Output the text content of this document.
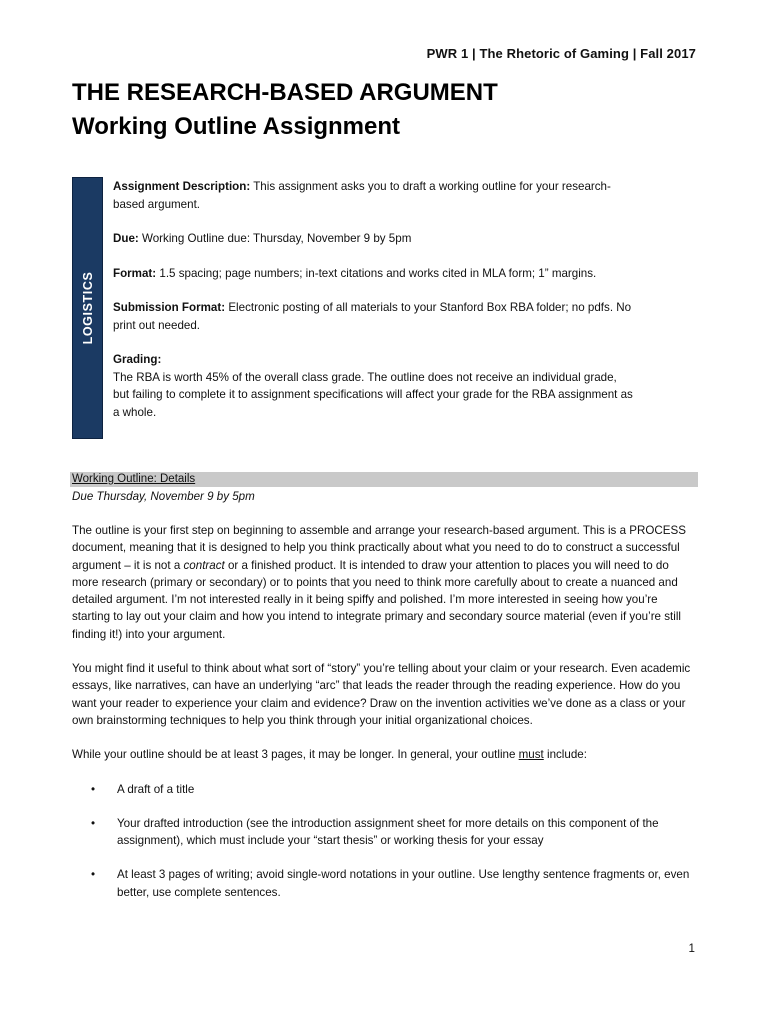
PWR 1 | The Rhetoric of Gaming | Fall 2017
THE RESEARCH-BASED ARGUMENT
Working Outline Assignment
LOGISTICS
Assignment Description: This assignment asks you to draft a working outline for your research-based argument.
Due: Working Outline due: Thursday, November 9 by 5pm
Format: 1.5 spacing; page numbers; in-text citations and works cited in MLA form; 1” margins.
Submission Format: Electronic posting of all materials to your Stanford Box RBA folder; no pdfs. No print out needed.
Grading:
The RBA is worth 45% of the overall class grade. The outline does not receive an individual grade, but failing to complete it to assignment specifications will affect your grade for the RBA assignment as a whole.
Working Outline: Details
Due Thursday, November 9 by 5pm

The outline is your first step on beginning to assemble and arrange your research-based argument. This is a PROCESS document, meaning that it is designed to help you think practically about what you need to do to construct a successful argument – it is not a contract or a finished product. It is intended to draw your attention to places you will need to do more research (primary or secondary) or to points that you need to think more carefully about to create a nuanced and detailed argument. I’m not interested really in it being spiffy and polished. I’m more interested in seeing how you’re starting to lay out your claim and how you intend to integrate primary and secondary source material (even if you’re still finding it!) into your argument.

You might find it useful to think about what sort of “story” you’re telling about your claim or your research. Even academic essays, like narratives, can have an underlying “arc” that leads the reader through the reading experience. How do you want your reader to experience your claim and evidence? Draw on the invention activities we’ve done as a class or your own brainstorming techniques to help you think through your initial organizational choices.

While your outline should be at least 3 pages, it may be longer. In general, your outline must include:

• A draft of a title
• Your drafted introduction (see the introduction assignment sheet for more details on this component of the assignment), which must include your “start thesis” or working thesis for your essay
• At least 3 pages of writing; avoid single-word notations in your outline. Use lengthy sentence fragments or, even better, use complete sentences.
1
